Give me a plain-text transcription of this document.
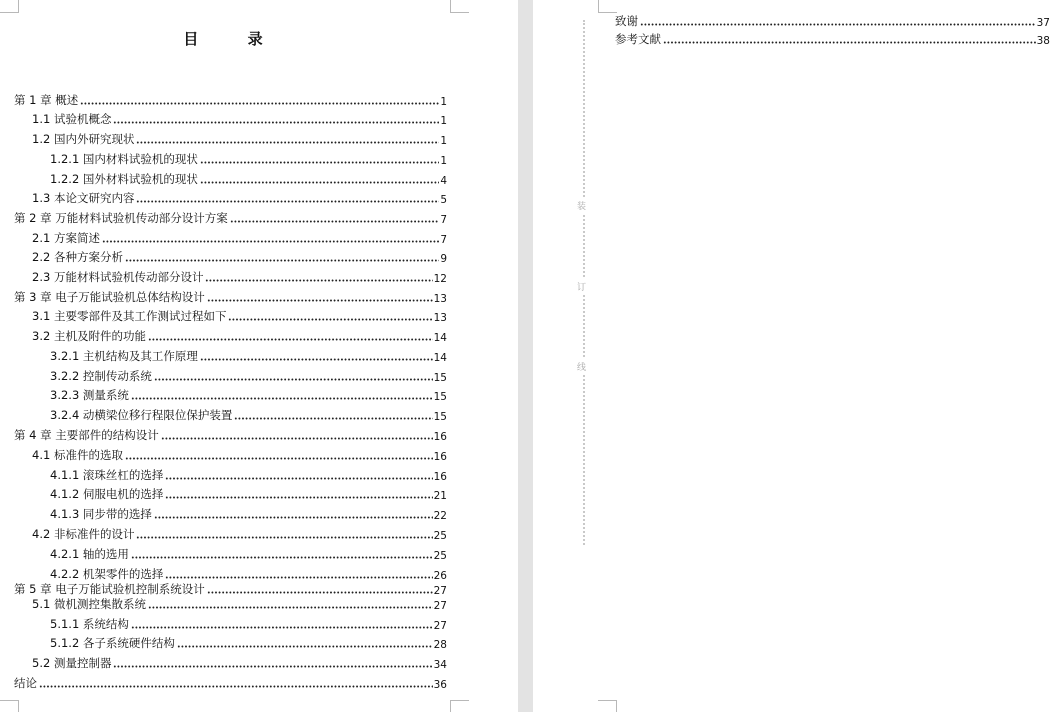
目 录
第 1 章 概述	1
1.1 试验机概念	1
1.2 国内外研究现状	1
1.2.1 国内材料试验机的现状	1
1.2.2 国外材料试验机的现状	4
1.3 本论文研究内容	5
第 2 章 万能材料试验机传动部分设计方案	7
2.1 方案简述	7
2.2 各种方案分析	9
2.3 万能材料试验机传动部分设计	12
第 3 章 电子万能试验机总体结构设计	13
3.1 主要零部件及其工作测试过程如下	13
3.2 主机及附件的功能	14
3.2.1 主机结构及其工作原理	14
3.2.2 控制传动系统	15
3.2.3 测量系统	15
3.2.4 动横梁位移行程限位保护装置	15
第 4 章 主要部件的结构设计	16
4.1 标准件的选取	16
4.1.1 滚珠丝杠的选择	16
4.1.2 伺服电机的选择	21
4.1.3 同步带的选择	22
4.2 非标准件的设计	25
4.2.1 轴的选用	25
4.2.2 机架零件的选择	26
第 5 章 电子万能试验机控制系统设计	27
5.1 微机测控集散系统	27
5.1.1 系统结构	27
5.1.2 各子系统硬件结构	28
5.2 测量控制器	34
结论	36
装
订
线
致谢	37
参考文献	38
